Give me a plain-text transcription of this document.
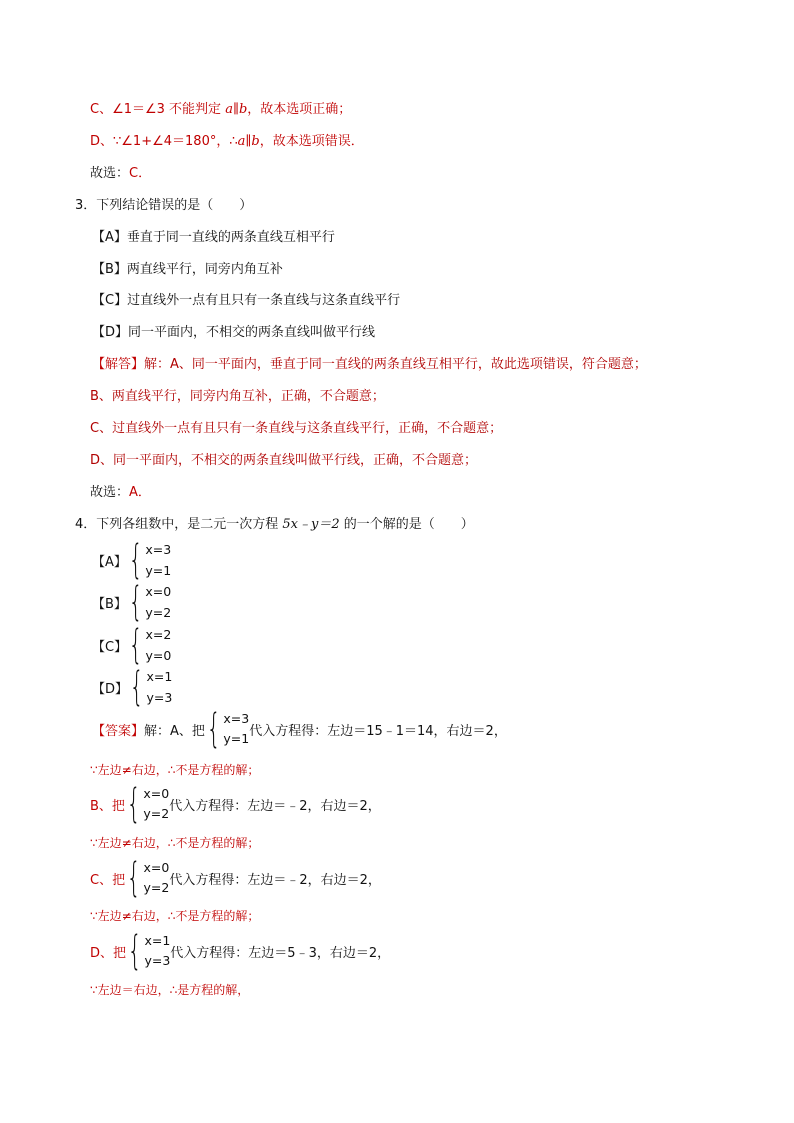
C、∠1＝∠3 不能判定 a∥b，故本选项正确；
D、∵∠1+∠4＝180°，∴a∥b，故本选项错误．
故选：C．
3．下列结论错误的是（　　）
【A】垂直于同一直线的两条直线互相平行
【B】两直线平行，同旁内角互补
【C】过直线外一点有且只有一条直线与这条直线平行
【D】同一平面内，不相交的两条直线叫做平行线
【解答】解：A、同一平面内，垂直于同一直线的两条直线互相平行，故此选项错误，符合题意；
B、两直线平行，同旁内角互补，正确，不合题意；
C、过直线外一点有且只有一条直线与这条直线平行，正确，不合题意；
D、同一平面内，不相交的两条直线叫做平行线，正确，不合题意；
故选：A．
4．下列各组数中，是二元一次方程 5x﹣y＝2 的一个解的是（　　）
【A】 { x=3
y=1
【B】 { x=0
y=2
【C】 { x=2
y=0
【D】 { x=1
y=3
【答案】 解：A、把 { x=3
y=1 代入方程得：左边＝15﹣1＝14，右边＝2，
∵左边≠右边，∴不是方程的解；
B、把 { x=0
y=2 代入方程得：左边＝﹣2，右边＝2，
∵左边≠右边，∴不是方程的解；
C、把 { x=0
y=2 代入方程得：左边＝﹣2，右边＝2，
∵左边≠右边，∴不是方程的解；
D、把 { x=1
y=3 代入方程得：左边＝5﹣3，右边＝2，
∵左边＝右边，∴是方程的解，
